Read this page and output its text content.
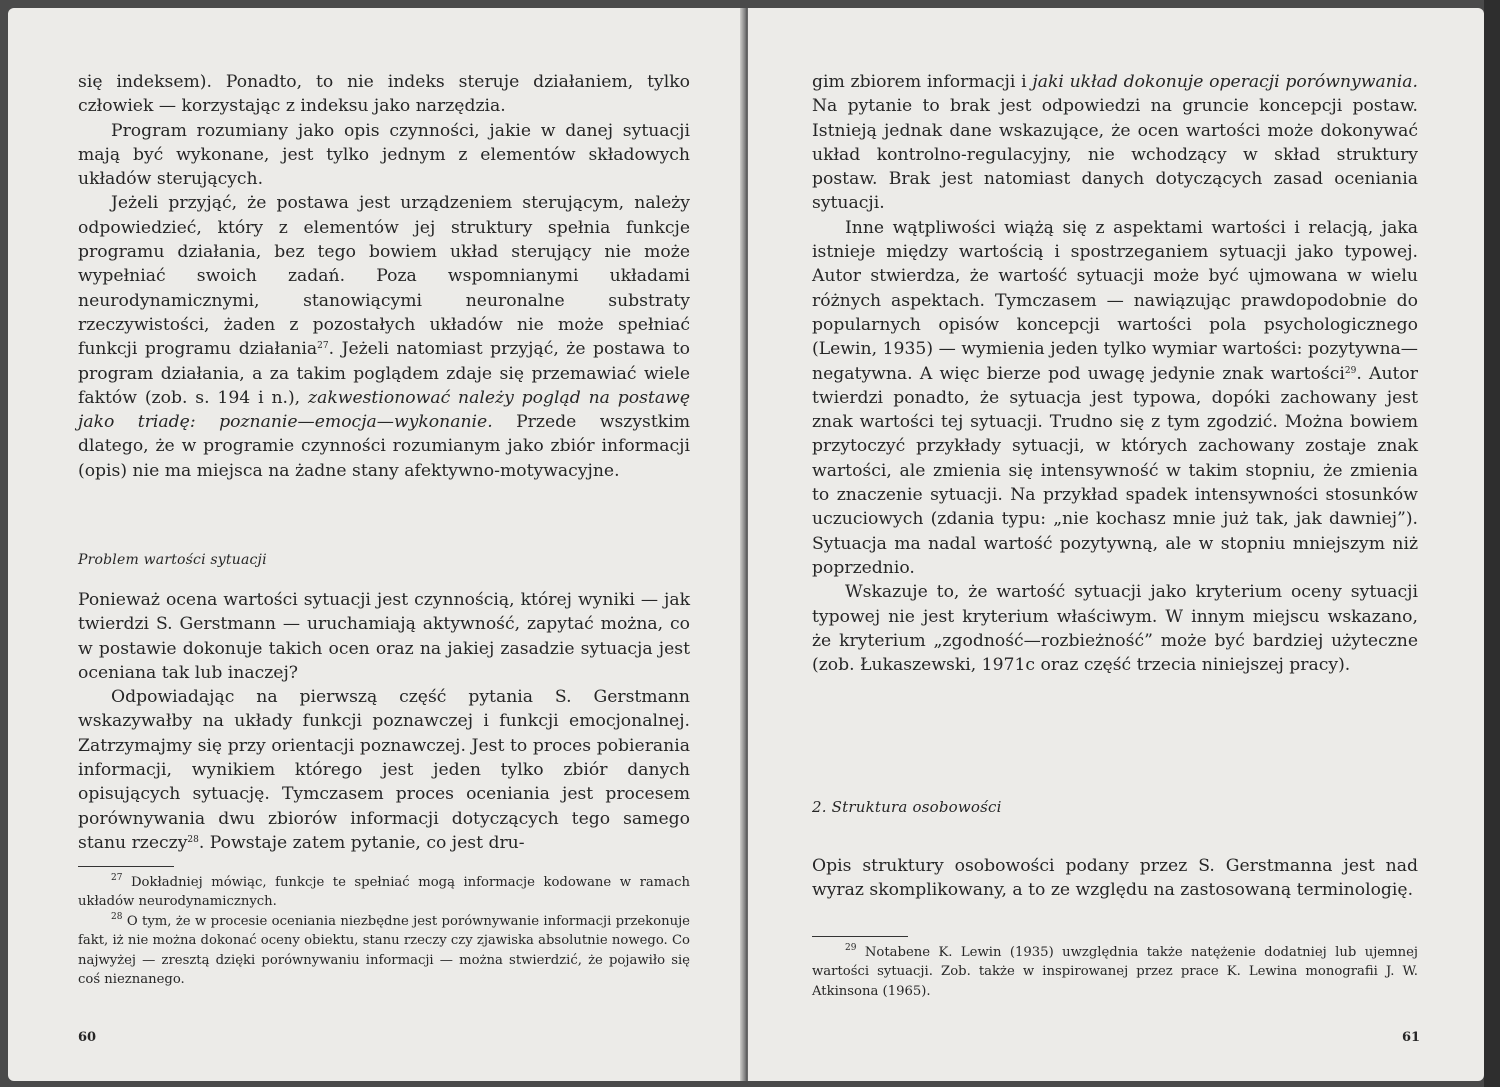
się indeksem). Ponadto, to nie indeks steruje działaniem, tylko człowiek — korzystając z indeksu jako narzędzia.

Program rozumiany jako opis czynności, jakie w danej sytuacji mają być wykonane, jest tylko jednym z elementów składowych układów sterujących.

Jeżeli przyjąć, że postawa jest urządzeniem sterującym, należy odpowiedzieć, który z elementów jej struktury spełnia funkcje programu działania, bez tego bowiem układ sterujący nie może wypełniać swoich zadań. Poza wspomnianymi układami neurodynamicznymi, stanowiącymi neuronalne substraty rzeczywistości, żaden z pozostałych układów nie może spełniać funkcji programu działania$^{27}$. Jeżeli natomiast przyjąć, że postawa to program działania, a za takim poglądem zdaje się przemawiać wiele faktów (zob. s. 194 i n.), zakwestionować należy pogląd na postawę jako triadę: poznanie—emocja—wykonanie. Przede wszystkim dlatego, że w programie czynności rozumianym jako zbiór informacji (opis) nie ma miejsca na żadne stany afektywno-motywacyjne.

Problem wartości sytuacji

Ponieważ ocena wartości sytuacji jest czynnością, której wyniki — jak twierdzi S. Gerstmann — uruchamiają aktywność, zapytać można, co w postawie dokonuje takich ocen oraz na jakiej zasadzie sytuacja jest oceniana tak lub inaczej?

Odpowiadając na pierwszą część pytania S. Gerstmann wskazywałby na układy funkcji poznawczej i funkcji emocjonalnej. Zatrzymajmy się przy orientacji poznawczej. Jest to proces pobierania informacji, wynikiem którego jest jeden tylko zbiór danych opisujących sytuację. Tymczasem proces oceniania jest procesem porównywania dwu zbiorów informacji dotyczących tego samego stanu rzeczy$^{28}$. Powstaje zatem pytanie, co jest dru-

$^{27}$ Dokładniej mówiąc, funkcje te spełniać mogą informacje kodowane w ramach układów neurodynamicznych.

$^{28}$ O tym, że w procesie oceniania niezbędne jest porównywanie informacji przekonuje fakt, iż nie można dokonać oceny obiektu, stanu rzeczy czy zjawiska absolutnie nowego. Co najwyżej — zresztą dzięki porównywaniu informacji — można stwierdzić, że pojawiło się coś nieznanego.

60

gim zbiorem informacji i jaki układ dokonuje operacji porównywania. Na pytanie to brak jest odpowiedzi na gruncie koncepcji postaw. Istnieją jednak dane wskazujące, że ocen wartości może dokonywać układ kontrolno-regulacyjny, nie wchodzący w skład struktury postaw. Brak jest natomiast danych dotyczących zasad oceniania sytuacji.

Inne wątpliwości wiążą się z aspektami wartości i relacją, jaka istnieje między wartością i spostrzeganiem sytuacji jako typowej. Autor stwierdza, że wartość sytuacji może być ujmowana w wielu różnych aspektach. Tymczasem — nawiązując prawdopodobnie do popularnych opisów koncepcji wartości pola psychologicznego (Lewin, 1935) — wymienia jeden tylko wymiar wartości: pozytywna—negatywna. A więc bierze pod uwagę jedynie znak wartości$^{29}$. Autor twierdzi ponadto, że sytuacja jest typowa, dopóki zachowany jest znak wartości tej sytuacji. Trudno się z tym zgodzić. Można bowiem przytoczyć przykłady sytuacji, w których zachowany zostaje znak wartości, ale zmienia się intensywność w takim stopniu, że zmienia to znaczenie sytuacji. Na przykład spadek intensywności stosunków uczuciowych (zdania typu: „nie kochasz mnie już tak, jak dawniej”). Sytuacja ma nadal wartość pozytywną, ale w stopniu mniejszym niż poprzednio.

Wskazuje to, że wartość sytuacji jako kryterium oceny sytuacji typowej nie jest kryterium właściwym. W innym miejscu wskazano, że kryterium „zgodność—rozbieżność” może być bardziej użyteczne (zob. Łukaszewski, 1971c oraz część trzecia niniejszej pracy).

2. Struktura osobowości

Opis struktury osobowości podany przez S. Gerstmanna jest nad wyraz skomplikowany, a to ze względu na zastosowaną terminologię.

$^{29}$ Notabene K. Lewin (1935) uwzględnia także natężenie dodatniej lub ujemnej wartości sytuacji. Zob. także w inspirowanej przez prace K. Lewina monografii J. W. Atkinsona (1965).

61
